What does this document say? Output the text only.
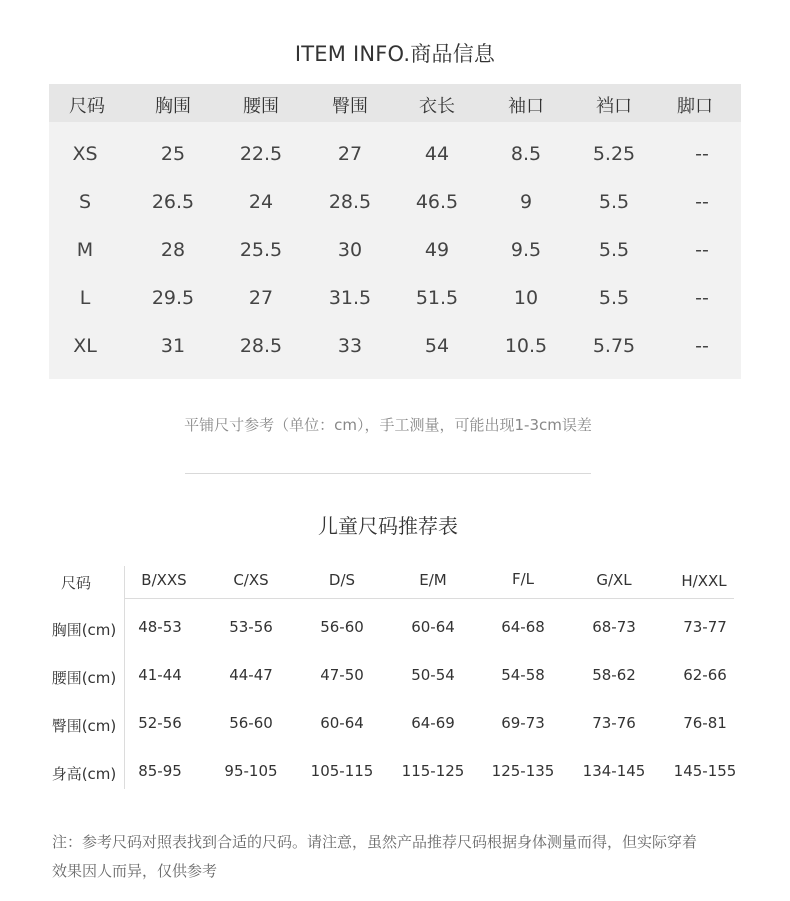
ITEM INFO.商品信息
尺码	胸围	腰围	臀围	衣长	袖口	裆口	脚口
XS	25	22.5	27	44	8.5	5.25	--
S	26.5	24	28.5	46.5	9	5.5	--
M	28	25.5	30	49	9.5	5.5	--
L	29.5	27	31.5	51.5	10	5.5	--
XL	31	28.5	33	54	10.5	5.75	--
平铺尺寸参考（单位：cm），手工测量，可能出现1-3cm误差
儿童尺码推荐表
尺码	B/XXS	C/XS	D/S	E/M	F/L	G/XL	H/XXL
胸围(cm)	48-53	53-56	56-60	60-64	64-68	68-73	73-77
腰围(cm)	41-44	44-47	47-50	50-54	54-58	58-62	62-66
臀围(cm)	52-56	56-60	60-64	64-69	69-73	73-76	76-81
身高(cm)	85-95	95-105	105-115	115-125	125-135	134-145	145-155
注：参考尺码对照表找到合适的尺码。请注意，虽然产品推荐尺码根据身体测量而得，但实际穿着
效果因人而异，仅供参考
